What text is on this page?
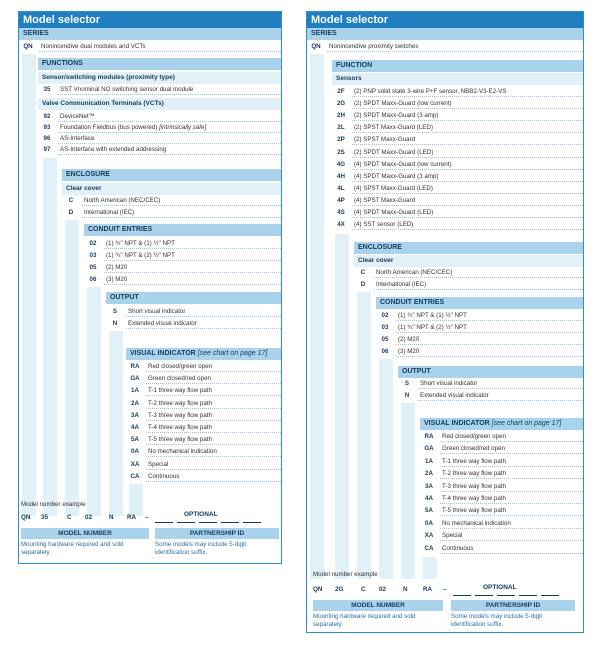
Model selector
SERIES
QN	Nonincendive dual modules and VCTs
FUNCTIONS
Sensor/switching modules (proximity type)
35	SST Vnominal NO switching sensor dual module
Valve Communication Terminals (VCTs)
92	DeviceNet™
93	Foundation Fieldbus (bus powered) [intrinsically safe]
96	AS-Interface
97	AS-Interface with extended addressing
ENCLOSURE
Clear cover
C	North American (NEC/CEC)
D	International (IEC)
CONDUIT ENTRIES
02	(1) ¾" NPT & (1) ½" NPT
03	(1) ¾" NPT & (2) ½" NPT
05	(2) M20
06	(3) M20
OUTPUT
S	Short visual indicator
N	Extended visual indicator
VISUAL INDICATOR [see chart on page 17]
RA	Red closed/green open
GA	Green closed/red open
1A	T-1 three way flow path
2A	T-2 three way flow path
3A	T-3 three way flow path
4A	T-4 three way flow path
5A	T-5 three way flow path
0A	No mechanical indication
XA	Special
CA	Continuous
Model number example
QN 35	C 02	N RA –	OPTIONAL
MODEL NUMBER	PARTNERSHIP ID
Mounting hardware required and sold separately.
Some models may include 5-digit identification suffix.
Model selector
SERIES
QN	Nonincendive proximity switches
FUNCTION
Sensors
2F	(2) PNP solid state 3-wire P+F sensor, NBB2-V3-E2-VS
2G	(2) SPDT Maxx-Guard (low current)
2H	(2) SPDT Maxx-Guard (3 amp)
2L	(2) SPST Maxx-Guard (LED)
2P	(2) SPST Maxx-Guard
2S	(2) SPDT Maxx-Guard (LED)
4G	(4) SPDT Maxx-Guard (low current)
4H	(4) SPDT Maxx-Guard (3 amp)
4L	(4) SPST Maxx-Guard (LED)
4P	(4) SPST Maxx-Guard
4S	(4) SPDT Maxx-Guard (LED)
4X	(4) SST sensor (LED)
ENCLOSURE
Clear cover
C	North American (NEC/CEC)
D	International (IEC)
CONDUIT ENTRIES
02	(1) ¾" NPT & (1) ½" NPT
03	(1) ¾" NPT & (2) ½" NPT
05	(2) M20
06	(3) M20
OUTPUT
S	Short visual indicator
N	Extended visual indicator
VISUAL INDICATOR [see chart on page 17]
RA	Red closed/green open
GA	Green closed/red open
1A	T-1 three way flow path
2A	T-2 three way flow path
3A	T-3 three way flow path
4A	T-4 three way flow path
5A	T-5 three way flow path
0A	No mechanical indication
XA	Special
CA	Continuous
Model number example
QN 2G	C 02	N RA –	OPTIONAL
MODEL NUMBER	PARTNERSHIP ID
Mounting hardware required and sold separately.
Some models may include 5-digit identification suffix.
